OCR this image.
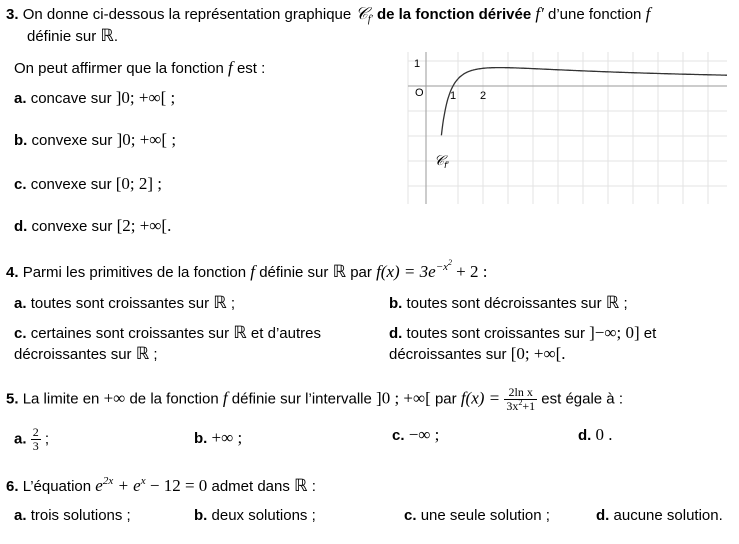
3. On donne ci-dessous la représentation graphique 𝒞$_{f'}$ de la fonction dérivée f′ d’une fonction f
définie sur ℝ.
On peut affirmer que la fonction f est :
a. concave sur ]0; +∞[ ;
b. convexe sur ]0; +∞[ ;
c. convexe sur [0; 2] ;
d. convexe sur [2; +∞[.
1
O 1 2
𝒞$_{f'}$
4. Parmi les primitives de la fonction f définie sur ℝ par $f(x) = 3e^{-x^2} + 2$ :
a. toutes sont croissantes sur ℝ ;	b. toutes sont décroissantes sur ℝ ;
c. certaines sont croissantes sur ℝ et d’autres
décroissantes sur ℝ ;
d. toutes sont croissantes sur ]−∞; 0] et
décroissantes sur [0; +∞[.
5. La limite en +∞ de la fonction f définie sur l’intervalle ]0 ; +∞[ par $f(x) = \frac{\text{2ln x}}{3x^2+1}$ est égale à :
a. $\frac{2}{3}$ ;	b. +∞ ;	c. −∞ ;	d. 0 .
6. L’équation $e^{2x} + e^x - 12 = 0$ admet dans ℝ :
a. trois solutions ;	b. deux solutions ;	c. une seule solution ;	d. aucune solution.
